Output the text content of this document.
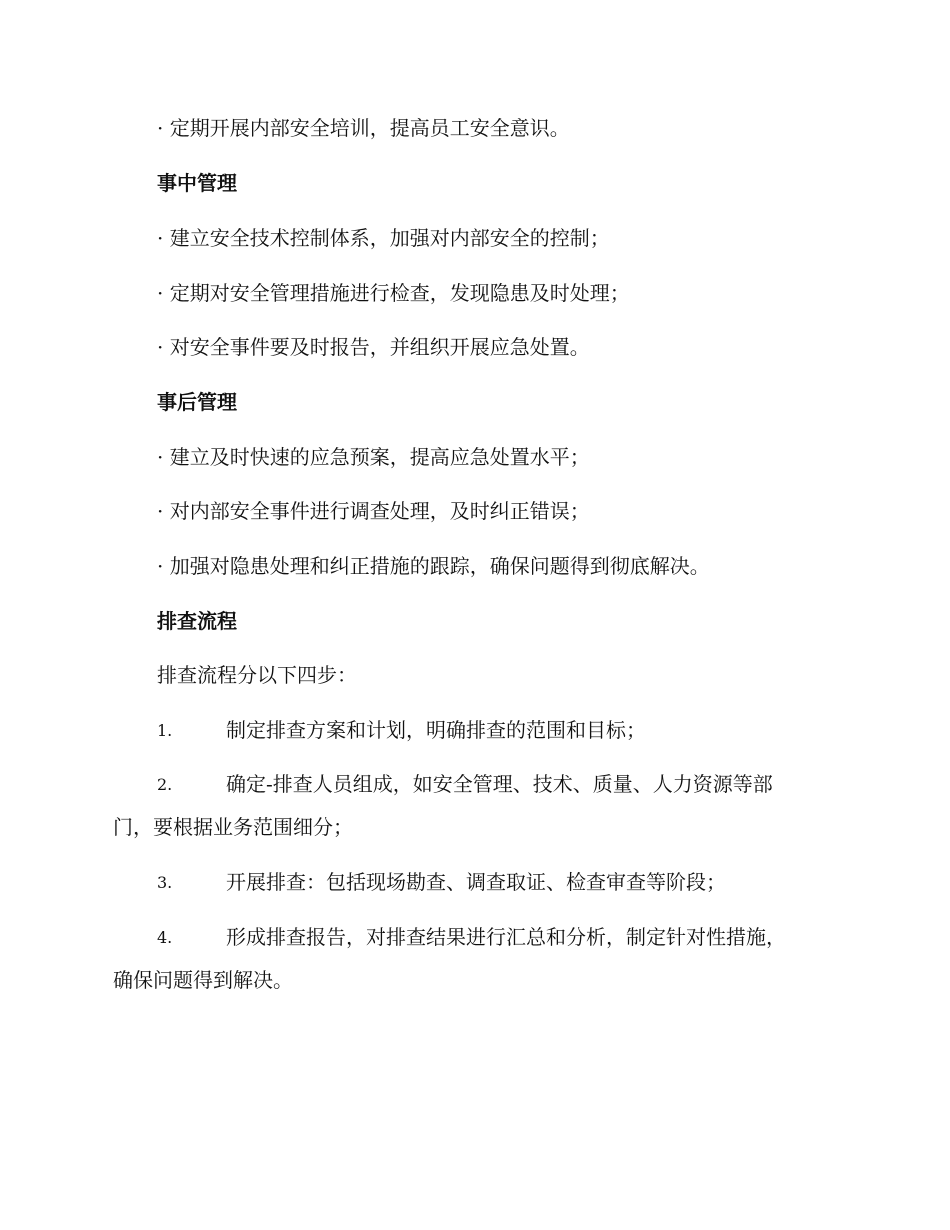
· 定期开展内部安全培训，提高员工安全意识。
事中管理
· 建立安全技术控制体系，加强对内部安全的控制；
· 定期对安全管理措施进行检查，发现隐患及时处理；
· 对安全事件要及时报告，并组织开展应急处置。
事后管理
· 建立及时快速的应急预案，提高应急处置水平；
· 对内部安全事件进行调查处理，及时纠正错误；
· 加强对隐患处理和纠正措施的跟踪，确保问题得到彻底解决。
排查流程
排查流程分以下四步：
1.	制定排查方案和计划，明确排查的范围和目标；
2.	确定-排查人员组成，如安全管理、技术、质量、人力资源等部
门，要根据业务范围细分；
3.	开展排查：包括现场勘查、调查取证、检查审查等阶段；
4.	形成排查报告，对排查结果进行汇总和分析，制定针对性措施，
确保问题得到解决。
